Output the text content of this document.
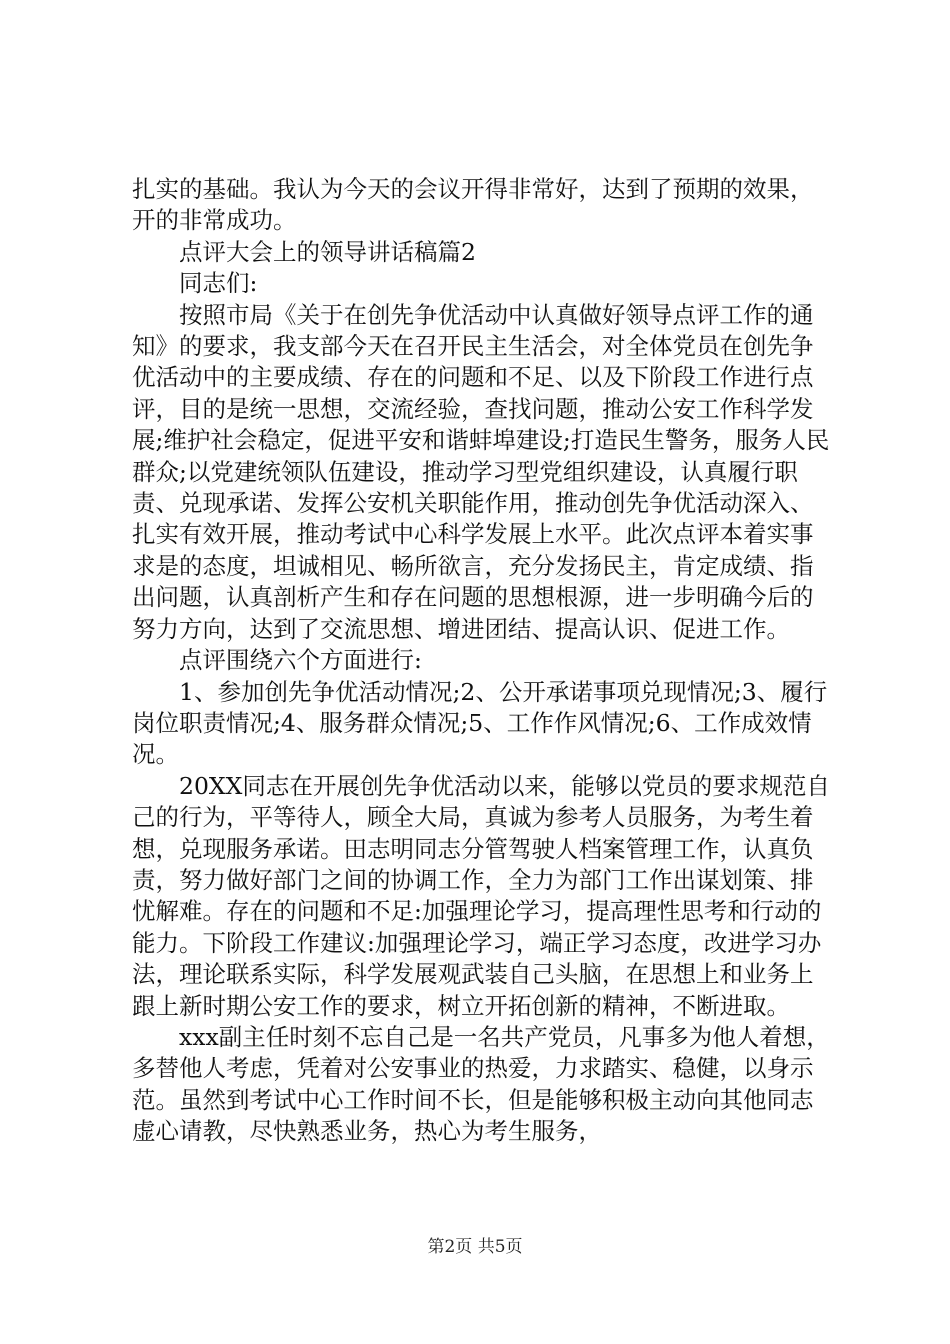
扎实的基础。我认为今天的会议开得非常好，达到了预期的效果，开的非常成功。

点评大会上的领导讲话稿篇2

同志们:

按照市局《关于在创先争优活动中认真做好领导点评工作的通知》的要求，我支部今天在召开民主生活会，对全体党员在创先争优活动中的主要成绩、存在的问题和不足、以及下阶段工作进行点评，目的是统一思想，交流经验，查找问题，推动公安工作科学发展;维护社会稳定，促进平安和谐蚌埠建设;打造民生警务，服务人民群众;以党建统领队伍建设，推动学习型党组织建设，认真履行职责、兑现承诺、发挥公安机关职能作用，推动创先争优活动深入、扎实有效开展，推动考试中心科学发展上水平。此次点评本着实事求是的态度，坦诚相见、畅所欲言，充分发扬民主，肯定成绩、指出问题，认真剖析产生和存在问题的思想根源，进一步明确今后的努力方向，达到了交流思想、增进团结、提高认识、促进工作。

点评围绕六个方面进行:

1、参加创先争优活动情况;2、公开承诺事项兑现情况;3、履行岗位职责情况;4、服务群众情况;5、工作作风情况;6、工作成效情况。

20XX同志在开展创先争优活动以来，能够以党员的要求规范自己的行为，平等待人，顾全大局，真诚为参考人员服务，为考生着想，兑现服务承诺。田志明同志分管驾驶人档案管理工作，认真负责，努力做好部门之间的协调工作，全力为部门工作出谋划策、排忧解难。存在的问题和不足:加强理论学习，提高理性思考和行动的能力。下阶段工作建议:加强理论学习，端正学习态度，改进学习办法，理论联系实际，科学发展观武装自己头脑，在思想上和业务上跟上新时期公安工作的要求，树立开拓创新的精神，不断进取。

xxx副主任时刻不忘自己是一名共产党员，凡事多为他人着想，多替他人考虑，凭着对公安事业的热爱，力求踏实、稳健，以身示范。虽然到考试中心工作时间不长，但是能够积极主动向其他同志虚心请教，尽快熟悉业务，热心为考生服务，

第2页 共5页
